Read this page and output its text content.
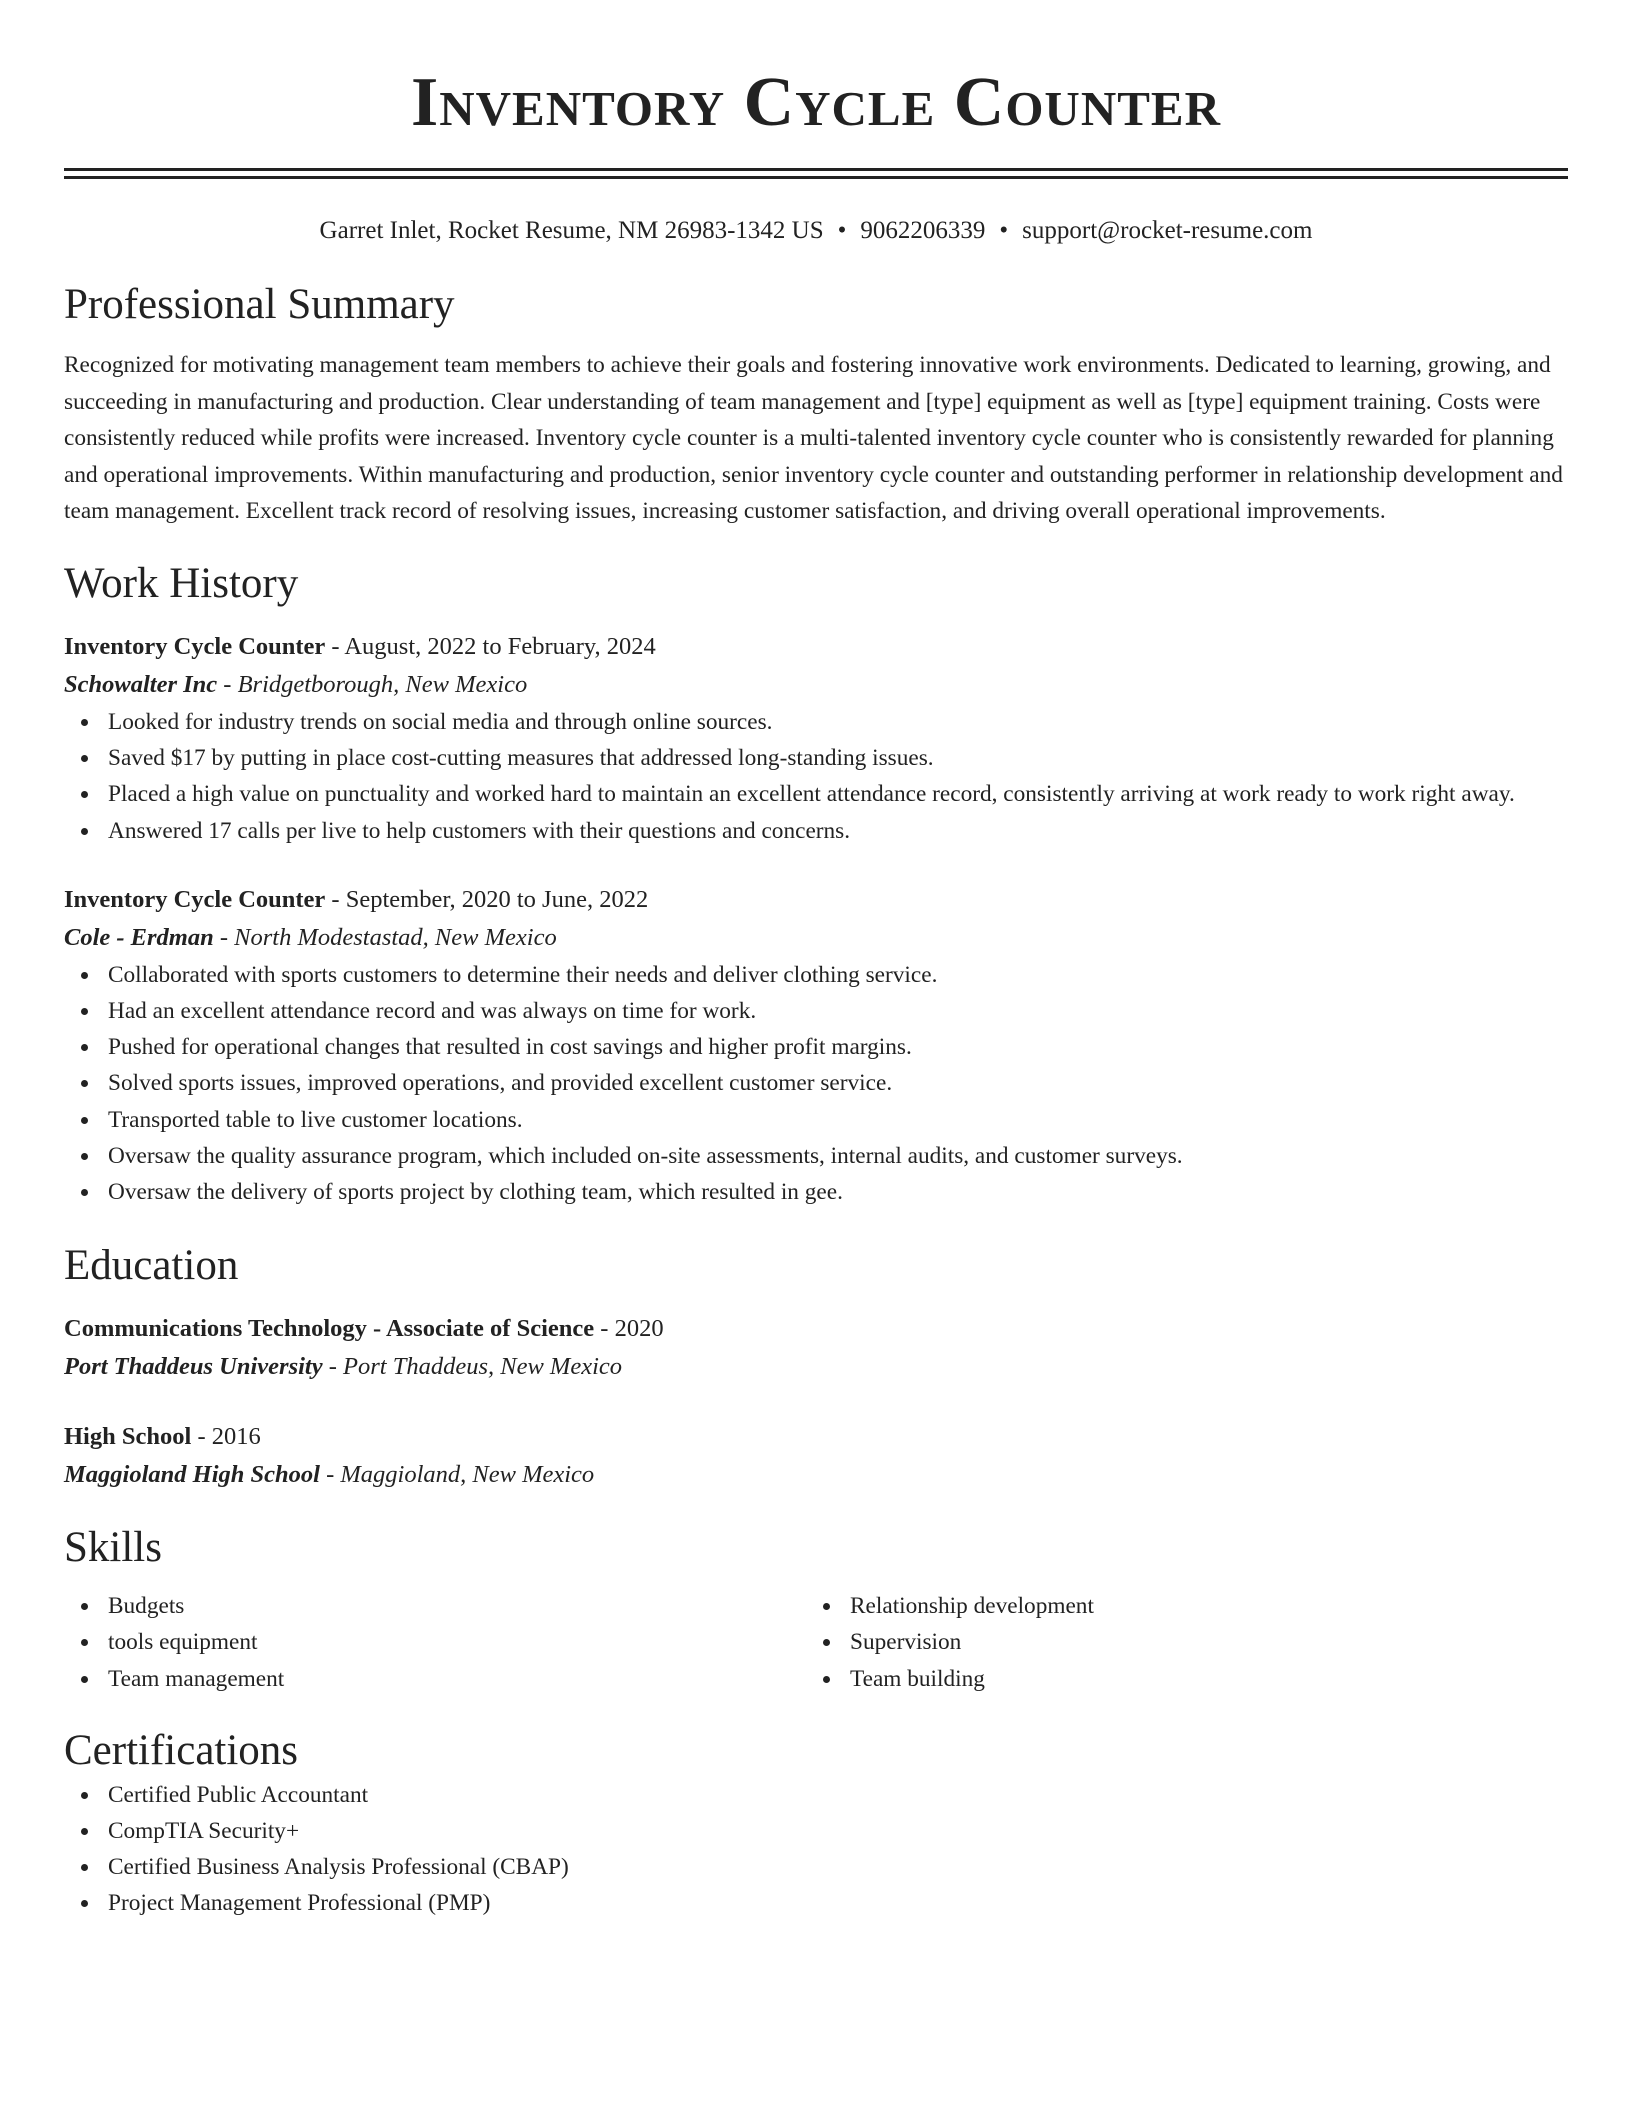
Inventory Cycle Counter
Garret Inlet, Rocket Resume, NM 26983-1342 US • 9062206339 • support@rocket-resume.com
Professional Summary

Recognized for motivating management team members to achieve their goals and fostering innovative work environments. Dedicated to learning, growing, and succeeding in manufacturing and production. Clear understanding of team management and [type] equipment as well as [type] equipment training. Costs were consistently reduced while profits were increased. Inventory cycle counter is a multi-talented inventory cycle counter who is consistently rewarded for planning and operational improvements. Within manufacturing and production, senior inventory cycle counter and outstanding performer in relationship development and team management. Excellent track record of resolving issues, increasing customer satisfaction, and driving overall operational improvements.

Work History
Inventory Cycle Counter - August, 2022 to February, 2024
Schowalter Inc - Bridgetborough, New Mexico
Looked for industry trends on social media and through online sources.
Saved $17 by putting in place cost-cutting measures that addressed long-standing issues.
Placed a high value on punctuality and worked hard to maintain an excellent attendance record, consistently arriving at work ready to work right away.
Answered 17 calls per live to help customers with their questions and concerns.
Inventory Cycle Counter - September, 2020 to June, 2022
Cole - Erdman - North Modestastad, New Mexico
Collaborated with sports customers to determine their needs and deliver clothing service.
Had an excellent attendance record and was always on time for work.
Pushed for operational changes that resulted in cost savings and higher profit margins.
Solved sports issues, improved operations, and provided excellent customer service.
Transported table to live customer locations.
Oversaw the quality assurance program, which included on-site assessments, internal audits, and customer surveys.
Oversaw the delivery of sports project by clothing team, which resulted in gee.
Education
Communications Technology - Associate of Science - 2020
Port Thaddeus University - Port Thaddeus, New Mexico
High School - 2016
Maggioland High School - Maggioland, New Mexico
Skills
Budgets
tools equipment
Team management
Relationship development
Supervision
Team building
Certifications
Certified Public Accountant
CompTIA Security+
Certified Business Analysis Professional (CBAP)
Project Management Professional (PMP)
